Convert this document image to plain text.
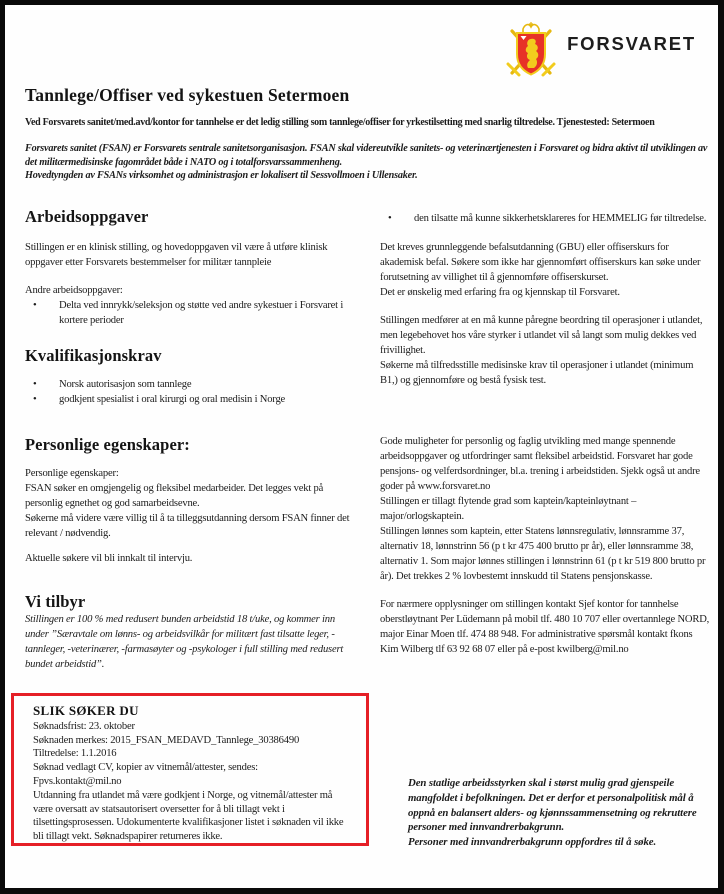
FORSVARET
Tannlege/Offiser ved sykestuen Setermoen

Ved Forsvarets sanitet/med.avd/kontor for tannhelse er det ledig stilling som tannlege/offiser for yrkestilsetting med snarlig tiltredelse. Tjenestested: Setermoen

Forsvarets sanitet (FSAN) er Forsvarets sentrale sanitetsorganisasjon. FSAN skal videreutvikle sanitets- og veterinærtjenesten i Forsvaret og bidra aktivt til utviklingen av det militærmedisinske fagområdet både i NATO og i totalforsvarssammenheng.

Hovedtyngden av FSANs virksomhet og administrasjon er lokalisert til Sessvollmoen i Ullensaker.

Arbeidsoppgaver

Stillingen er en klinisk stilling, og hovedoppgaven vil være å utføre klinisk oppgaver etter Forsvarets bestemmelser for militær tannpleie

Andre arbeidsoppgaver:

•
Delta ved innrykk/seleksjon og støtte ved andre sykestuer i Forsvaret i kortere perioder
Kvalifikasjonskrav
•
Norsk autorisasjon som tannlege
•
godkjent spesialist i oral kirurgi og oral medisin i Norge
Personlige egenskaper:

Personlige egenskaper:

FSAN søker en omgjengelig og fleksibel medarbeider. Det legges vekt på personlig egnethet og god samarbeidsevne.

Søkerne må videre være villig til å ta tilleggsutdanning dersom FSAN finner det relevant / nødvendig.

Aktuelle søkere vil bli innkalt til intervju.

Vi tilbyr

Stillingen er 100 % med redusert bunden arbeidstid 18 t/uke, og kommer inn under ”Særavtale om lønns- og arbeidsvilkår for militært fast tilsatte leger, -tannleger, -veterinærer, -farmasøyter og -psykologer i full stilling med redusert bundet arbeidstid”.

•
den tilsatte må kunne sikkerhetsklareres for HEMMELIG før tiltredelse.

Det kreves grunnleggende befalsutdanning (GBU) eller offiserskurs for akademisk befal. Søkere som ikke har gjennomført offiserskurs kan søke under forutsetning av villighet til å gjennomføre offiserskurset.

Det er ønskelig med erfaring fra og kjennskap til Forsvaret.

Stillingen medfører at en må kunne påregne beordring til operasjoner i utlandet, men legebehovet hos våre styrker i utlandet vil så langt som mulig dekkes ved frivillighet.

Søkerne må tilfredsstille medisinske krav til operasjoner i utlandet (minimum B1,) og gjennomføre og bestå fysisk test.

Gode muligheter for personlig og faglig utvikling med mange spennende arbeidsoppgaver og utfordringer samt fleksibel arbeidstid. Forsvaret har gode pensjons- og velferdsordninger, bl.a. trening i arbeidstiden. Sjekk også ut andre goder på www.forsvaret.no

Stillingen er tillagt flytende grad som kaptein/kapteinløytnant – major/orlogskaptein.

Stillingen lønnes som kaptein, etter Statens lønnsregulativ, lønnsramme 37, alternativ 18, lønnstrinn 56 (p t kr 475 400 brutto pr år), eller lønnsramme 38, alternativ 1. Som major lønnes stillingen i lønnstrinn 61 (p t kr 519 800 brutto pr år). Det trekkes 2 % lovbestemt innskudd til Statens pensjonskasse.

For nærmere opplysninger om stillingen kontakt Sjef kontor for tannhelse oberstløytnant Per Lüdemann på mobil tlf. 480 10 707 eller overtannlege NORD, major Einar Moen tlf. 474 88 948. For administrative spørsmål kontakt fkons Kim Wilberg tlf 63 92 68 07 eller på e-post kwilberg@mil.no

SLIK SØKER DU
Søknadsfrist: 23. oktober
Søknaden merkes: 2015_FSAN_MEDAVD_Tannlege_30386490
Tiltredelse: 1.1.2016
Søknad vedlagt CV, kopier av vitnemål/attester, sendes:
Fpvs.kontakt@mil.no
Utdanning fra utlandet må være godkjent i Norge, og vitnemål/attester må være oversatt av statsautorisert oversetter for å bli tillagt vekt i tilsettingsprosessen. Udokumenterte kvalifikasjoner listet i søknaden vil ikke bli tillagt vekt. Søknadspapirer returneres ikke.

Den statlige arbeidsstyrken skal i størst mulig grad gjenspeile mangfoldet i befolkningen. Det er derfor et personalpolitisk mål å oppnå en balansert alders- og kjønnssammensetning og rekruttere personer med innvandrerbakgrunn.

Personer med innvandrerbakgrunn oppfordres til å søke.
